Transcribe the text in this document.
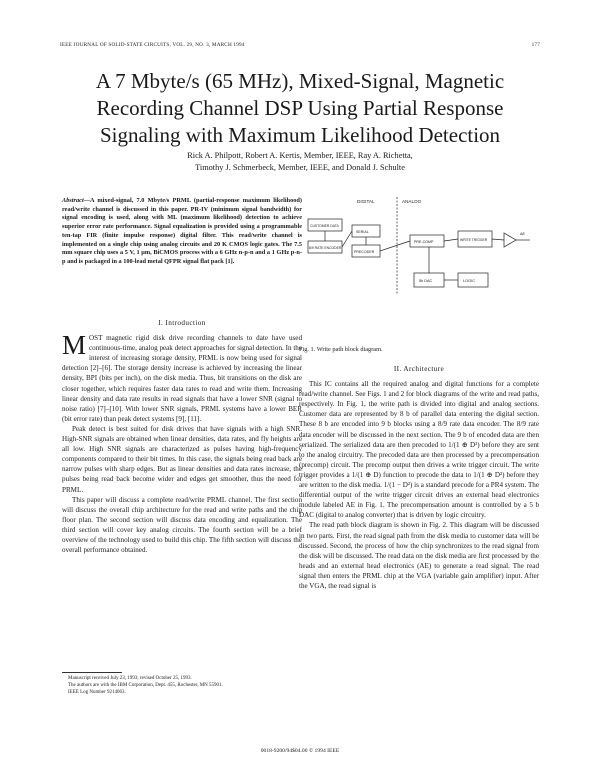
IEEE JOURNAL OF SOLID-STATE CIRCUITS, VOL. 29, NO. 3, MARCH 1994	177
A 7 Mbyte/s (65 MHz), Mixed-Signal, Magnetic
Recording Channel DSP Using Partial Response
Signaling with Maximum Likelihood Detection
Rick A. Philpott, Robert A. Kertis, Member, IEEE, Ray A. Richetta,
Timothy J. Schmerbeck, Member, IEEE, and Donald J. Schulte
Abstract—A mixed-signal, 7.0 Mbyte/s PRML (partial-response maximum likelihood) read/write channel is discussed in this paper. PR-IV (minimum signal bandwidth) for signal encoding is used, along with ML (maximum likelihood) detection to achieve superior error rate performance. Signal equalization is provided using a programmable ten-tap FIR (finite impulse response) digital filter. This read/write channel is implemented on a single chip using analog circuits and 20 K CMOS logic gates. The 7.5 mm square chip uses a 5 V, 1 μm, BiCMOS process with a 6 GHz n-p-n and a 1 GHz p-n-p and is packaged in a 100-lead metal QFPR signal flat pack [1].
I. Introduction

MOST magnetic rigid disk drive recording channels to date have used continuous-time, analog peak detect approaches for signal detection. In the interest of increasing storage density, PRML is now being used for signal detection [2]–[6]. The storage density increase is achieved by increasing the linear density, BPI (bits per inch), on the disk media. Thus, bit transitions on the disk are closer together, which requires faster data rates to read and write them. Increasing linear density and data rate results in read signals that have a lower SNR (signal to noise ratio) [7]–[10]. With lower SNR signals, PRML systems have a lower BER (bit error rate) than peak detect systems [9], [11].

Peak detect is best suited for disk drives that have signals with a high SNR. High-SNR signals are obtained when linear densities, data rates, and fly heights are all low. High SNR signals are characterized as pulses having high-frequency components compared to their bit times. In this case, the signals being read back are narrow pulses with sharp edges. But as linear densities and data rates increase, the pulses being read back become wider and edges get smoother, thus the need for PRML.

This paper will discuss a complete read/write PRML channel. The first section will discuss the overall chip architecture for the read and write paths and the chip floor plan. The second section will discuss data encoding and equalization. The third section will cover key analog circuits. The fourth section will be a brief overview of the technology used to build this chip. The fifth section will discuss the overall performance obtained.

Manuscript received July 23, 1993; revised October 25, 1993.
The authors are with the IBM Corporation, Dept. 455, Rochester, MN 55901.
IEEE Log Number 9214063.
DIGITAL	ANALOG
CUSTOMER DATA
8/9 RATE ENCODER
SERIAL
PRECODER
PRE-COMP	WRITE TRIGGER
AE
5b DAC	LOGIC
Fig. 1. Write path block diagram.
II. Architecture

This IC contains all the required analog and digital functions for a complete read/write channel. See Figs. 1 and 2 for block diagrams of the write and read paths, respectively. In Fig. 1, the write path is divided into digital and analog sections. Customer data are represented by 8 b of parallel data entering the digital section. These 8 b are encoded into 9 b blocks using a 8/9 rate data encoder. The 8/9 rate data encoder will be discussed in the next section. The 9 b of encoded data are then serialized. The serialized data are then precoded to 1/(1 ⊕ D²) before they are sent to the analog circuitry. The precoded data are then processed by a precompensation (precomp) circuit. The precomp output then drives a write trigger circuit. The write trigger provides a 1/(1 ⊕ D) function to precode the data to 1/(1 ⊕ D²) before they are written to the disk media. 1/(1 − D²) is a standard precode for a PR4 system. The differential output of the write trigger circuit drives an external head electronics module labeled AE in Fig. 1. The precompensation amount is controlled by a 5 b DAC (digital to analog converter) that is driven by logic circuitry.

The read path block diagram is shown in Fig. 2. This diagram will be discussed in two parts. First, the read signal path from the disk media to customer data will be discussed. Second, the process of how the chip synchronizes to the read signal from the disk will be discussed. The read data on the disk media are first processed by the heads and an external head electronics (AE) to generate a read signal. The read signal then enters the PRML chip at the VGA (variable gain amplifier) input. After the VGA, the read signal is

0018-9200/94$04.00 © 1994 IEEE
